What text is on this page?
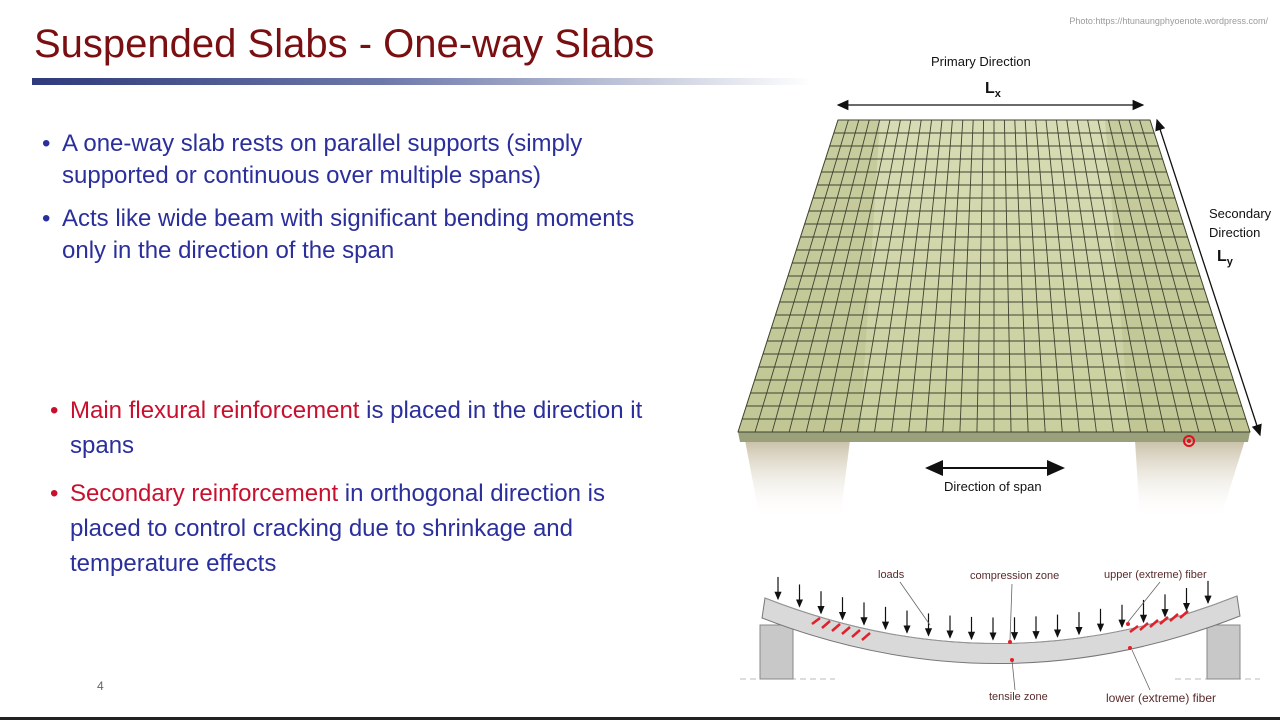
Suspended Slabs - One-way Slabs
Photo:https://htunaungphyoenote.wordpress.com/
• A one-way slab rests on parallel supports (simply supported or continuous over multiple spans)
• Acts like wide beam with significant bending moments only in the direction of the span
• Main flexural reinforcement is placed in the direction it spans
• Secondary reinforcement in orthogonal direction is placed to control cracking due to shrinkage and temperature effects
4
Primary Direction
$L_x$
Secondary
Direction
$L_y$
Direction of span
loads	compression zone	upper (extreme) fiber
tensile zone	lower (extreme) fiber
